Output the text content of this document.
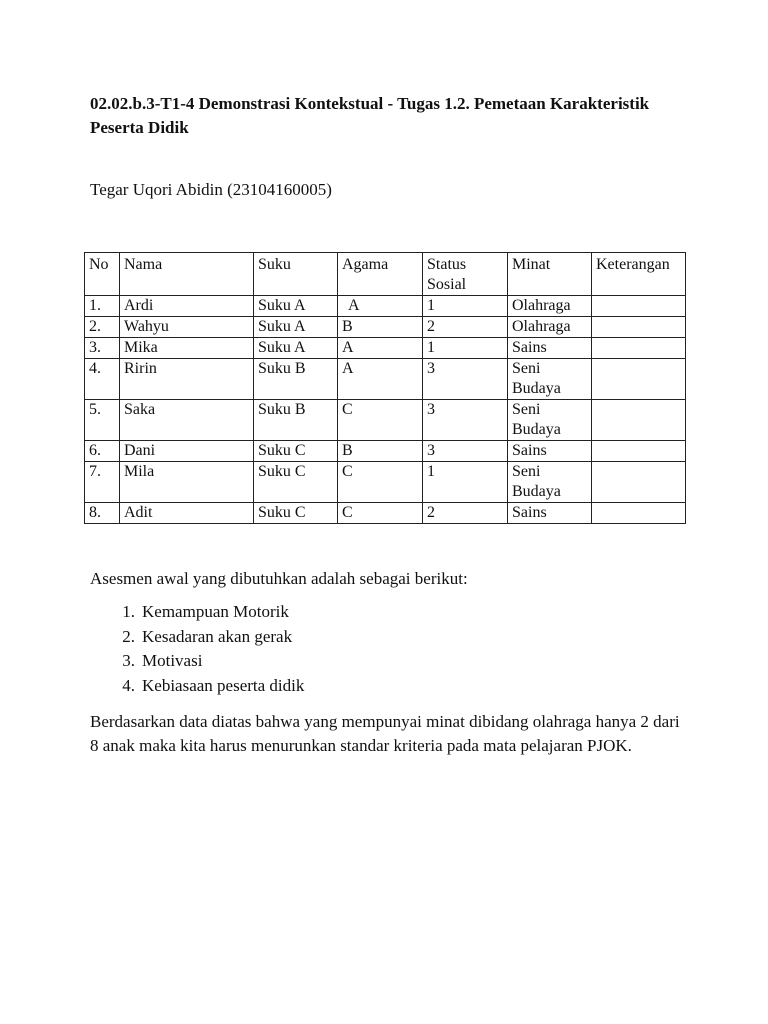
02.02.b.3-T1-4 Demonstrasi Kontekstual - Tugas 1.2. Pemetaan Karakteristik Peserta Didik
Tegar Uqori Abidin (23104160005)
No	Nama	Suku	Agama	Status Sosial	Minat	Keterangan
1.	Ardi	Suku A	A	1	Olahraga	
2.	Wahyu	Suku A	B	2	Olahraga	
3.	Mika	Suku A	A	1	Sains	
4.	Ririn	Suku B	A	3	Seni Budaya	
5.	Saka	Suku B	C	3	Seni Budaya	
6.	Dani	Suku C	B	3	Sains	
7.	Mila	Suku C	C	1	Seni Budaya	
8.	Adit	Suku C	C	2	Sains	
Asesmen awal yang dibutuhkan adalah sebagai berikut:
1. Kemampuan Motorik
2. Kesadaran akan gerak
3. Motivasi
4. Kebiasaan peserta didik
Berdasarkan data diatas bahwa yang mempunyai minat dibidang olahraga hanya 2 dari 8 anak maka kita harus menurunkan standar kriteria pada mata pelajaran PJOK.
